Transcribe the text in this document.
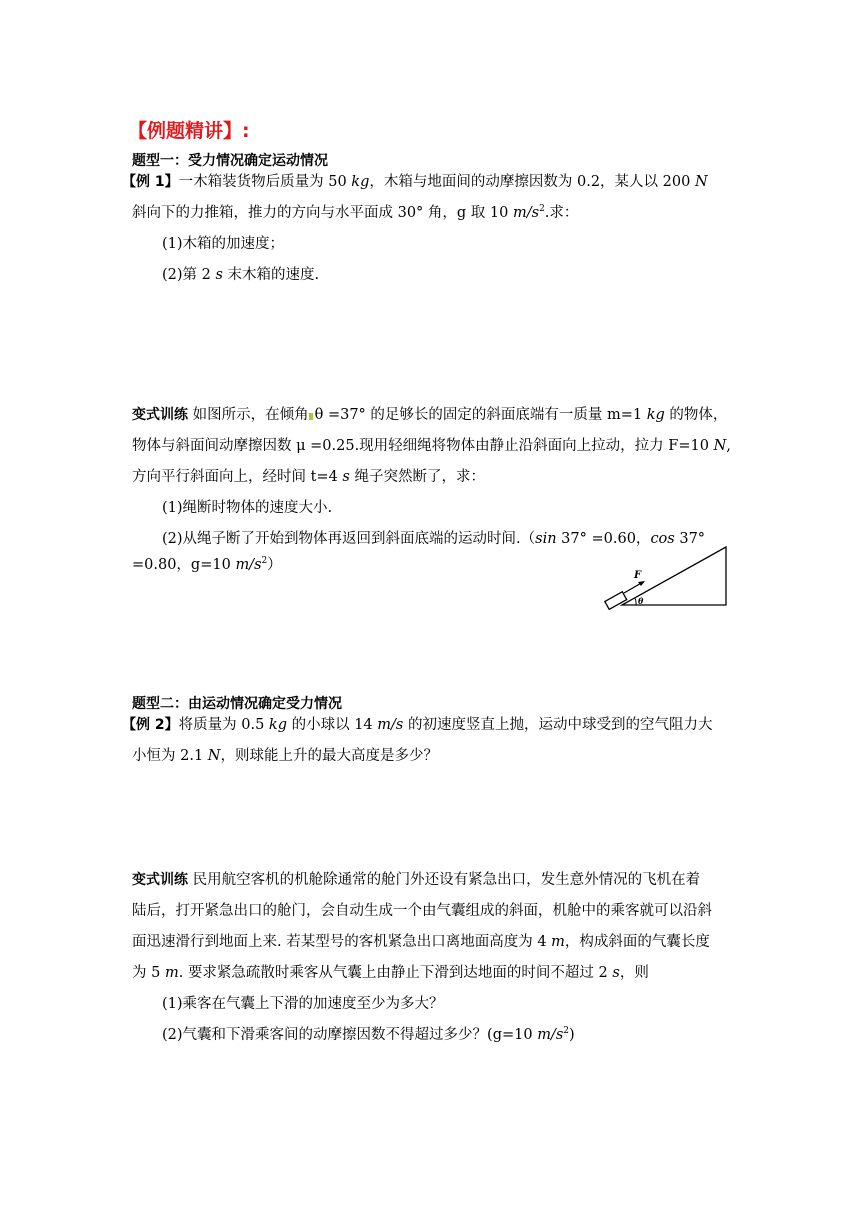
【例题精讲】:
题型一：受力情况确定运动情况
【例 1】一木箱装货物后质量为 50 kg，木箱与地面间的动摩擦因数为 0.2，某人以 200 N
斜向下的力推箱，推力的方向与水平面成 30° 角，g 取 10 $m/s^2$.求：
(1)木箱的加速度；
(2)第 2 s 末木箱的速度.
变式训练 如图所示，在倾角 θ =37° 的足够长的固定的斜面底端有一质量 m=1 kg 的物体，
物体与斜面间动摩擦因数 μ =0.25.现用轻细绳将物体由静止沿斜面向上拉动，拉力 F=10 N,
方向平行斜面向上，经时间 t=4 s 绳子突然断了，求：
(1)绳断时物体的速度大小.
(2)从绳子断了开始到物体再返回到斜面底端的运动时间.（sin 37° =0.60，cos 37°
=0.80，g=10 $m/s^2$）
F
θ
题型二：由运动情况确定受力情况
【例 2】将质量为 0.5 kg 的小球以 14 m/s 的初速度竖直上抛，运动中球受到的空气阻力大
小恒为 2.1 N，则球能上升的最大高度是多少？
变式训练 民用航空客机的机舱除通常的舱门外还设有紧急出口，发生意外情况的飞机在着
陆后，打开紧急出口的舱门，会自动生成一个由气囊组成的斜面，机舱中的乘客就可以沿斜
面迅速滑行到地面上来. 若某型号的客机紧急出口离地面高度为 4 m，构成斜面的气囊长度
为 5 m. 要求紧急疏散时乘客从气囊上由静止下滑到达地面的时间不超过 2 s，则
(1)乘客在气囊上下滑的加速度至少为多大？
(2)气囊和下滑乘客间的动摩擦因数不得超过多少？(g=10 $m/s^2$)
